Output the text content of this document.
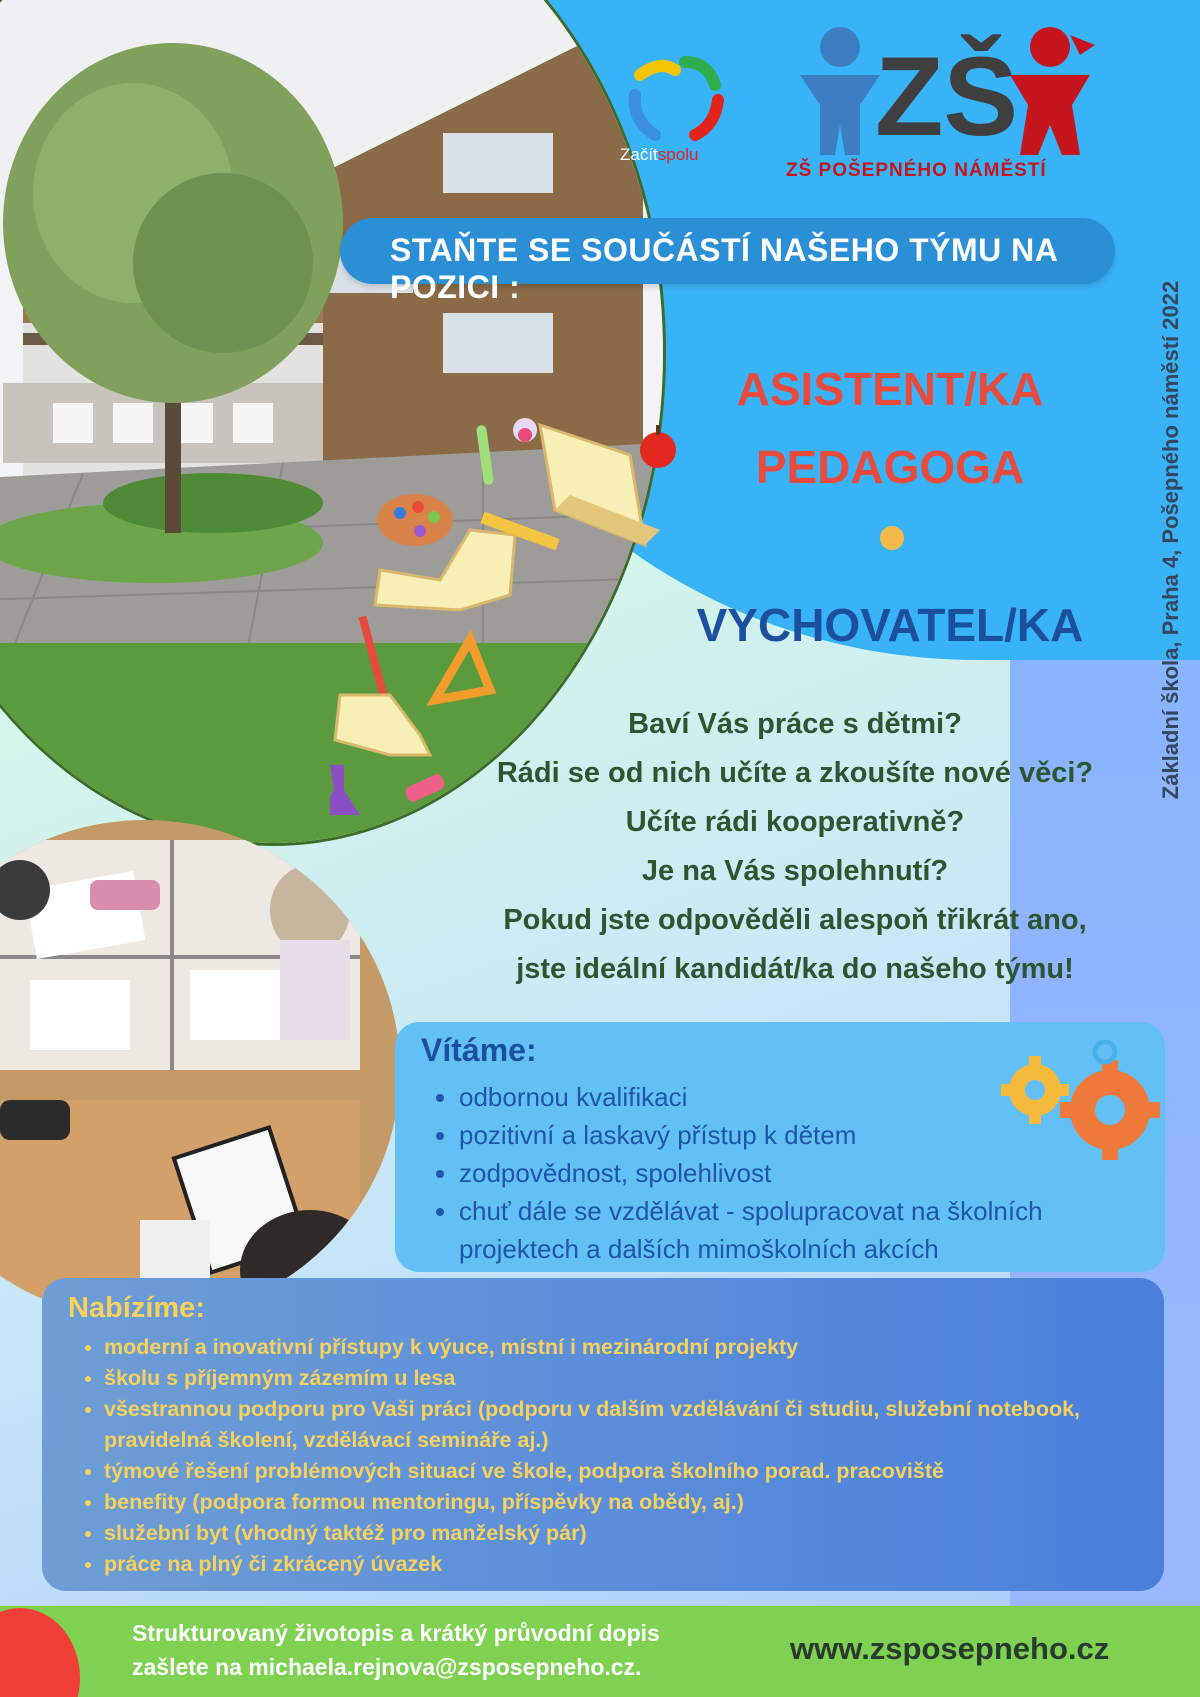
Začítspolu ZŠ
ZŠ POŠEPNÉHO NÁMĚSTÍ
STAŇTE SE SOUČÁSTÍ NAŠEHO TÝMU NA POZICI :
ASISTENT/KA
PEDAGOGA
VYCHOVATEL/KA	Základní škola, Praha 4, Pošepného náměstí 2022
Baví Vás práce s dětmi?
Rádi se od nich učíte a zkoušíte nové věci?
Učíte rádi kooperativně?
Je na Vás spolehnutí?
Pokud jste odpověděli alespoň třikrát ano,
jste ideální kandidát/ka do našeho týmu!
Vítáme:
• odbornou kvalifikaci
• pozitivní a laskavý přístup k dětem
• zodpovědnost, spolehlivost
• chuť dále se vzdělávat - spolupracovat na školních projektech a dalších mimoškolních akcích
Nabízíme:
• moderní a inovativní přístupy k výuce, místní i mezinárodní projekty
• školu s příjemným zázemím u lesa
• všestrannou podporu pro Vaši práci (podporu v dalším vzdělávání či studiu, služební notebook, pravidelná školení, vzdělávací semináře aj.)
• týmové řešení problémových situací ve škole, podpora školního porad. pracoviště
• benefity (podpora formou mentoringu, příspěvky na obědy, aj.)
• služební byt (vhodný taktéž pro manželský pár)
• práce na plný či zkrácený úvazek
Strukturovaný životopis a krátký průvodní dopis
zašlete na michaela.rejnova@zsposepneho.cz.
www.zsposepneho.cz
